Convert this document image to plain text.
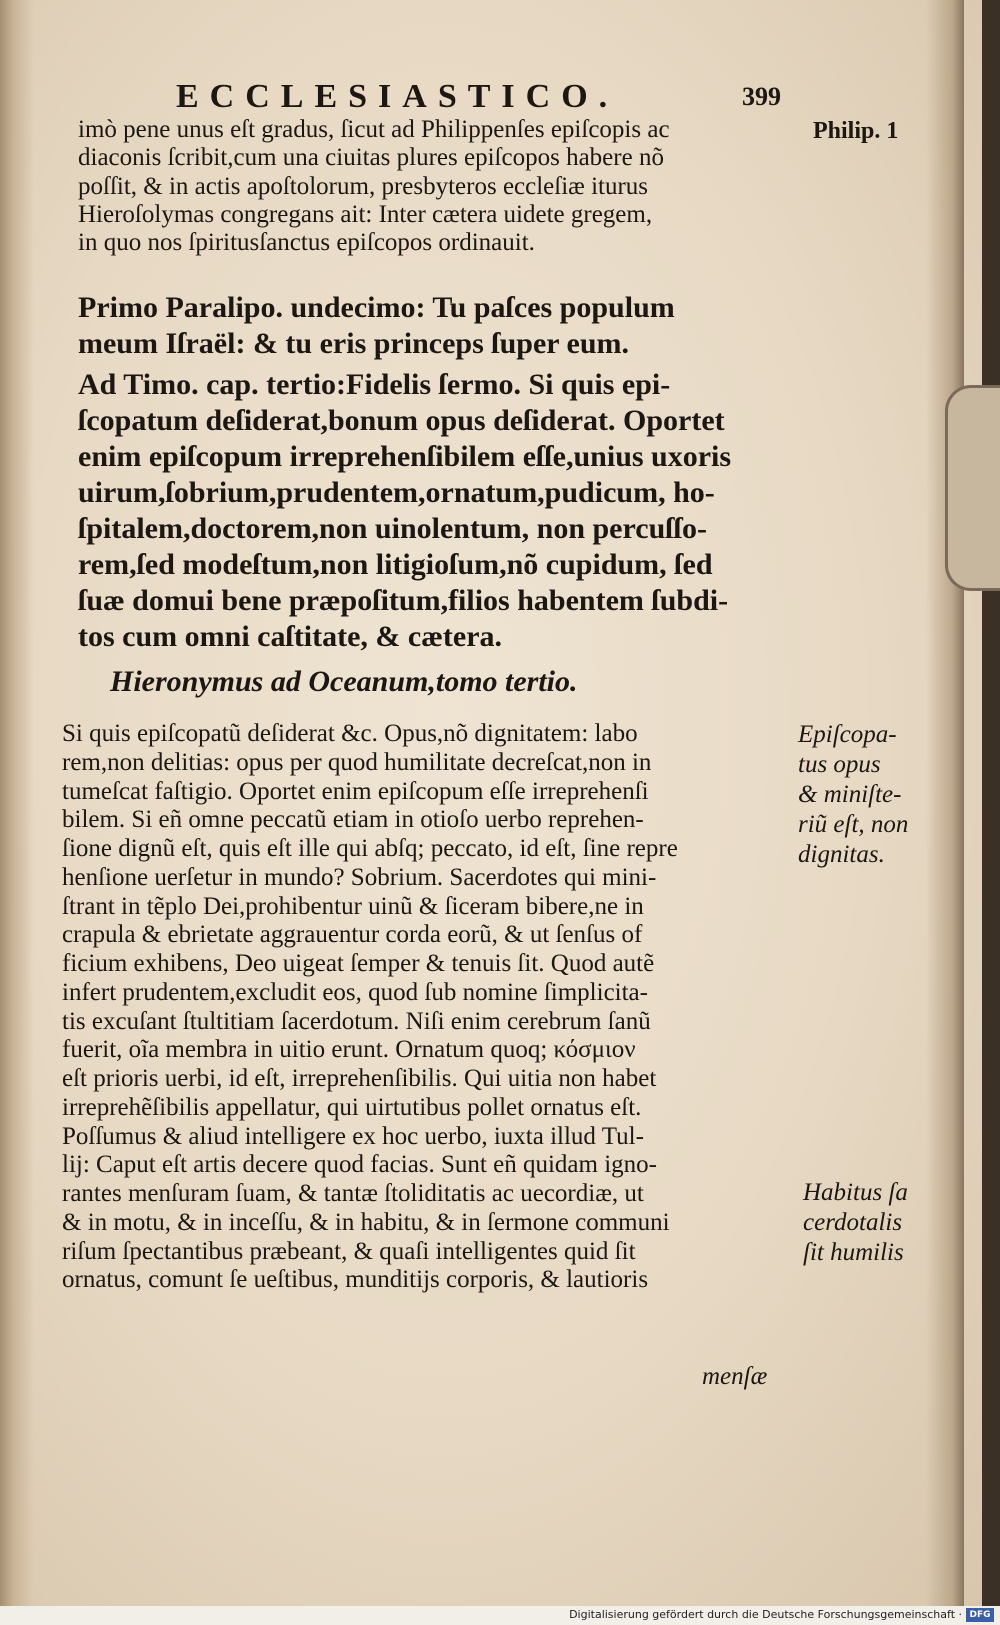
ECCLESIASTICO.	399
imò pene unus eſt gradus, ſicut ad Philippenſes epiſcopis ac
diaconis ſcribit,cum una ciuitas plures epiſcopos habere nõ
poſſit, & in actis apoſtolorum, presbyteros eccleſiæ iturus
Hieroſolymas congregans ait: Inter cætera uidete gregem,
in quo nos ſpiritusſanctus epiſcopos ordinauit.
Philip. 1
Primo Paralipo. undecimo: Tu paſces populum
meum Iſraël: & tu eris princeps ſuper eum.
Ad Timo. cap. tertio:Fidelis ſermo. Si quis epi-
ſcopatum deſiderat,bonum opus deſiderat. Oportet
enim epiſcopum irreprehenſibilem eſſe,unius uxoris
uirum,ſobrium,prudentem,ornatum,pudicum, ho-
ſpitalem,doctorem,non uinolentum, non percuſſo-
rem,ſed modeſtum,non litigioſum,nõ cupidum, ſed
ſuæ domui bene præpoſitum,filios habentem ſubdi-
tos cum omni caſtitate, & cætera.
Hieronymus ad Oceanum,tomo tertio.
Si quis epiſcopatũ deſiderat &c. Opus,nõ dignitatem: labo
rem,non delitias: opus per quod humilitate decreſcat,non in
tumeſcat faſtigio. Oportet enim epiſcopum eſſe irreprehenſi
bilem. Si eñ omne peccatũ etiam in otioſo uerbo reprehen-
ſione dignũ eſt, quis eſt ille qui abſq; peccato, id eſt, ſine repre
henſione uerſetur in mundo? Sobrium. Sacerdotes qui mini-
ſtrant in tẽplo Dei,prohibentur uinũ & ſiceram bibere,ne in
crapula & ebrietate aggrauentur corda eorũ, & ut ſenſus of
ficium exhibens, Deo uigeat ſemper & tenuis ſit. Quod autẽ
infert prudentem,excludit eos, quod ſub nomine ſimplicita-
tis excuſant ſtultitiam ſacerdotum. Niſi enim cerebrum ſanũ
fuerit, oĩa membra in uitio erunt. Ornatum quoq; κόσμιον
eſt prioris uerbi, id eſt, irreprehenſibilis. Qui uitia non habet
irreprehẽſibilis appellatur, qui uirtutibus pollet ornatus eſt.
Poſſumus & aliud intelligere ex hoc uerbo, iuxta illud Tul-
lij: Caput eſt artis decere quod facias. Sunt eñ quidam igno-
rantes menſuram ſuam, & tantæ ſtoliditatis ac uecordiæ, ut
& in motu, & in inceſſu, & in habitu, & in ſermone communi
riſum ſpectantibus præbeant, & quaſi intelligentes quid ſit
ornatus, comunt ſe ueſtibus, munditijs corporis, & lautioris
Epiſcopa-
tus opus
& miniſte-
riũ eſt, non
dignitas.
Habitus ſa
cerdotalis
ſit humilis
menſæ
Digitalisierung gefördert durch die Deutsche Forschungsgemeinschaft · DFG
